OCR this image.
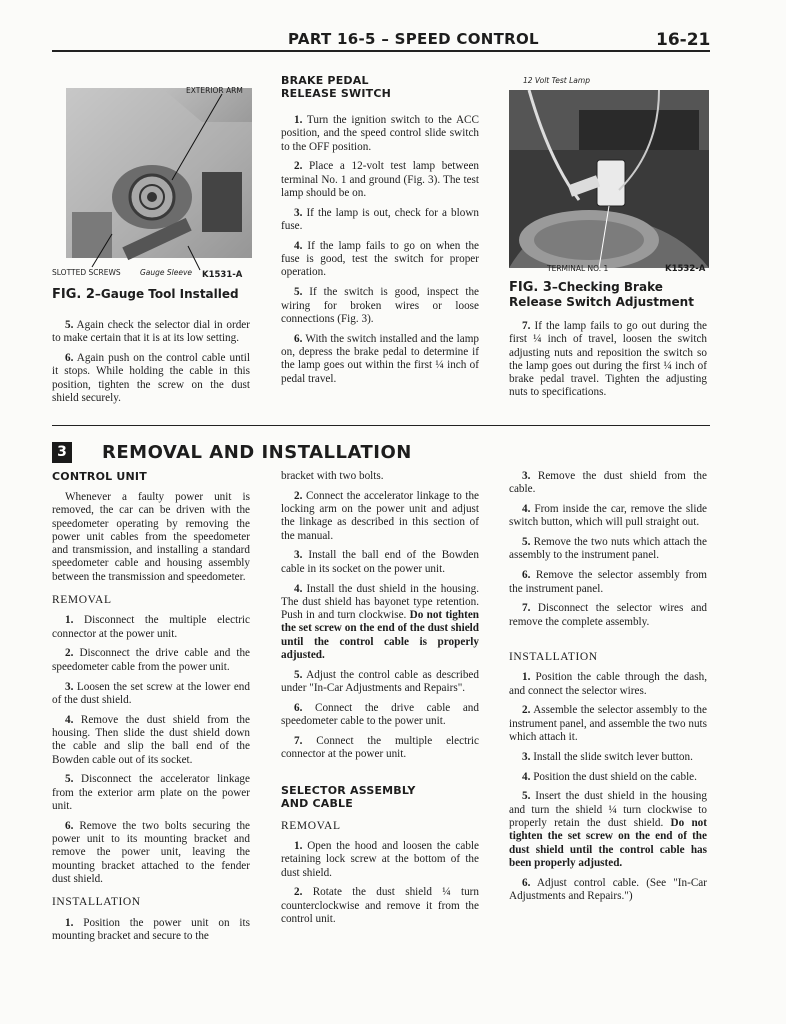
PART 16-5 – SPEED CONTROL	16-21
EXTERIOR ARM
SLOTTED SCREWS	Gauge Sleeve K1531-A
FIG. 2–Gauge Tool Installed

5. Again check the selector dial in order to make certain that it is at its low setting.

6. Again push on the control cable until it stops. While holding the cable in this position, tighten the screw on the dust shield securely.

BRAKE PEDAL
RELEASE SWITCH

1. Turn the ignition switch to the ACC position, and the speed control slide switch to the OFF position.

2. Place a 12-volt test lamp between terminal No. 1 and ground (Fig. 3). The test lamp should be on.

3. If the lamp is out, check for a blown fuse.

4. If the lamp fails to go on when the fuse is good, test the switch for proper operation.

5. If the switch is good, inspect the wiring for broken wires or loose connections (Fig. 3).

6. With the switch installed and the lamp on, depress the brake pedal to determine if the lamp goes out within the first ¼ inch of pedal travel.

12 Volt Test Lamp
TERMINAL NO. 1	K1532-A
FIG. 3–Checking Brake Release Switch Adjustment

7. If the lamp fails to go out during the first ¼ inch of travel, loosen the switch adjusting nuts and reposition the switch so the lamp goes out during the first ¼ inch of brake pedal travel. Tighten the adjusting nuts to specifications.

3 REMOVAL AND INSTALLATION
CONTROL UNIT

Whenever a faulty power unit is removed, the car can be driven with the speedometer operating by removing the power unit cables from the speedometer and transmission, and installing a standard speedometer cable and housing assembly between the transmission and speedometer.

REMOVAL

1. Disconnect the multiple electric connector at the power unit.

2. Disconnect the drive cable and the speedometer cable from the power unit.

3. Loosen the set screw at the lower end of the dust shield.

4. Remove the dust shield from the housing. Then slide the dust shield down the cable and slip the ball end of the Bowden cable out of its socket.

5. Disconnect the accelerator linkage from the exterior arm plate on the power unit.

6. Remove the two bolts securing the power unit to its mounting bracket and remove the power unit, leaving the mounting bracket attached to the fender dust shield.

INSTALLATION

1. Position the power unit on its mounting bracket and secure to the

bracket with two bolts.

2. Connect the accelerator linkage to the locking arm on the power unit and adjust the linkage as described in this section of the manual.

3. Install the ball end of the Bowden cable in its socket on the power unit.

4. Install the dust shield in the housing. The dust shield has bayonet type retention. Push in and turn clockwise. Do not tighten the set screw on the end of the dust shield until the control cable is properly adjusted.

5. Adjust the control cable as described under "In-Car Adjustments and Repairs".

6. Connect the drive cable and speedometer cable to the power unit.

7. Connect the multiple electric connector at the power unit.

SELECTOR ASSEMBLY
AND CABLE
REMOVAL

1. Open the hood and loosen the cable retaining lock screw at the bottom of the dust shield.

2. Rotate the dust shield ¼ turn counterclockwise and remove it from the control unit.

3. Remove the dust shield from the cable.

4. From inside the car, remove the slide switch button, which will pull straight out.

5. Remove the two nuts which attach the assembly to the instrument panel.

6. Remove the selector assembly from the instrument panel.

7. Disconnect the selector wires and remove the complete assembly.

INSTALLATION

1. Position the cable through the dash, and connect the selector wires.

2. Assemble the selector assembly to the instrument panel, and assemble the two nuts which attach it.

3. Install the slide switch lever button.

4. Position the dust shield on the cable.

5. Insert the dust shield in the housing and turn the shield ¼ turn clockwise to properly retain the dust shield. Do not tighten the set screw on the end of the dust shield until the control cable has been properly adjusted.

6. Adjust control cable. (See "In-Car Adjustments and Repairs.")
